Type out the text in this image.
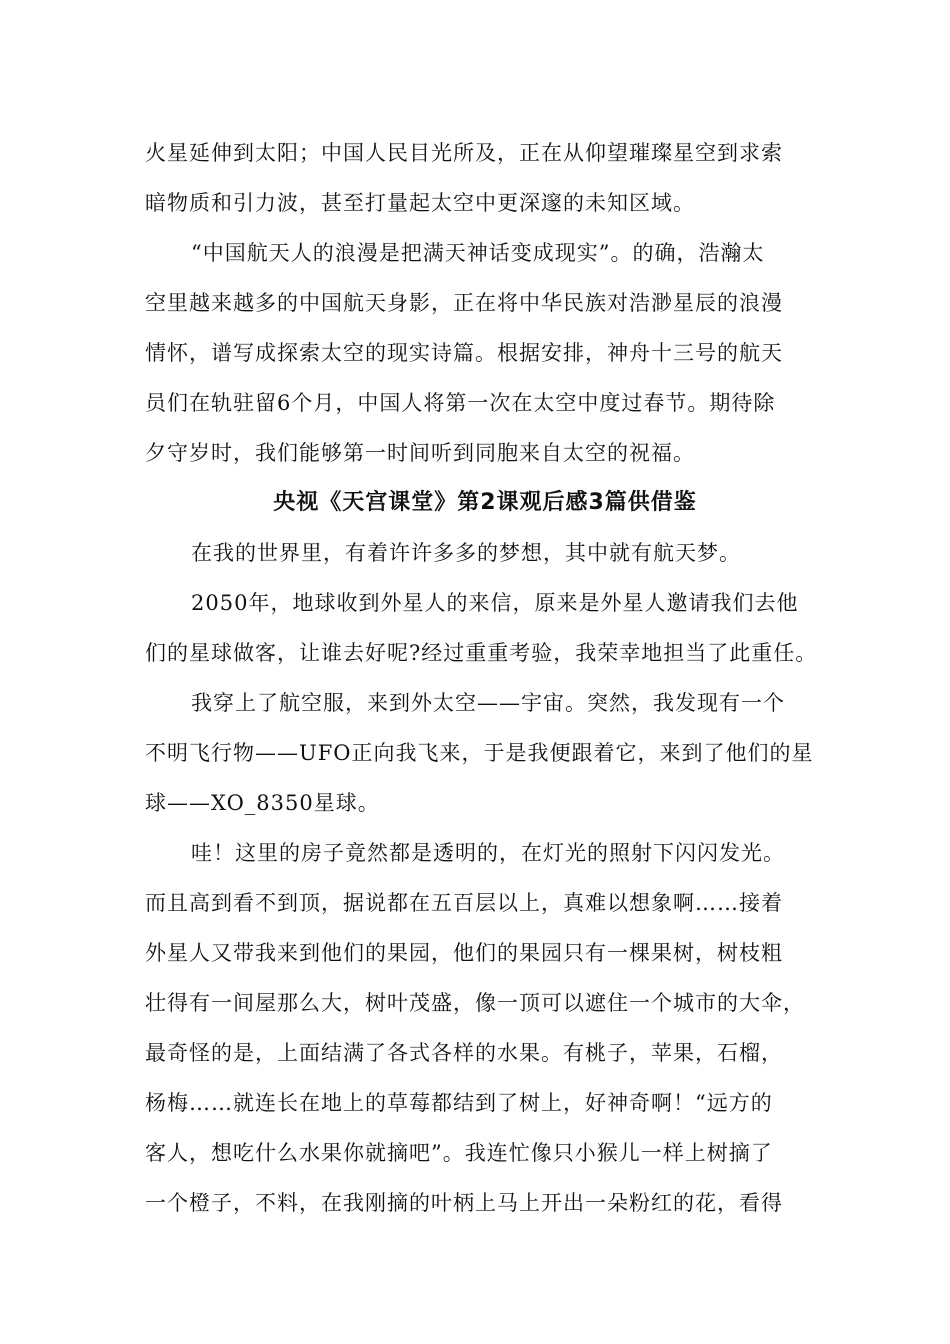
火星延伸到太阳；中国人民目光所及，正在从仰望璀璨星空到求索
暗物质和引力波，甚至打量起太空中更深邃的未知区域。
“中国航天人的浪漫是把满天神话变成现实”。的确，浩瀚太
空里越来越多的中国航天身影，正在将中华民族对浩渺星辰的浪漫
情怀，谱写成探索太空的现实诗篇。根据安排，神舟十三号的航天
员们在轨驻留6个月，中国人将第一次在太空中度过春节。期待除
夕守岁时，我们能够第一时间听到同胞来自太空的祝福。
央视《天宫课堂》第2课观后感3篇供借鉴
在我的世界里，有着许许多多的梦想，其中就有航天梦。
2050年，地球收到外星人的来信，原来是外星人邀请我们去他
们的星球做客，让谁去好呢?经过重重考验，我荣幸地担当了此重任。
我穿上了航空服，来到外太空——宇宙。突然，我发现有一个
不明飞行物——UFO正向我飞来，于是我便跟着它，来到了他们的星
球——XO_8350星球。
哇！这里的房子竟然都是透明的，在灯光的照射下闪闪发光。
而且高到看不到顶，据说都在五百层以上，真难以想象啊……接着
外星人又带我来到他们的果园，他们的果园只有一棵果树，树枝粗
壮得有一间屋那么大，树叶茂盛，像一顶可以遮住一个城市的大伞，
最奇怪的是，上面结满了各式各样的水果。有桃子，苹果，石榴，
杨梅……就连长在地上的草莓都结到了树上，好神奇啊！“远方的
客人，想吃什么水果你就摘吧”。我连忙像只小猴儿一样上树摘了
一个橙子，不料，在我刚摘的叶柄上马上开出一朵粉红的花，看得
